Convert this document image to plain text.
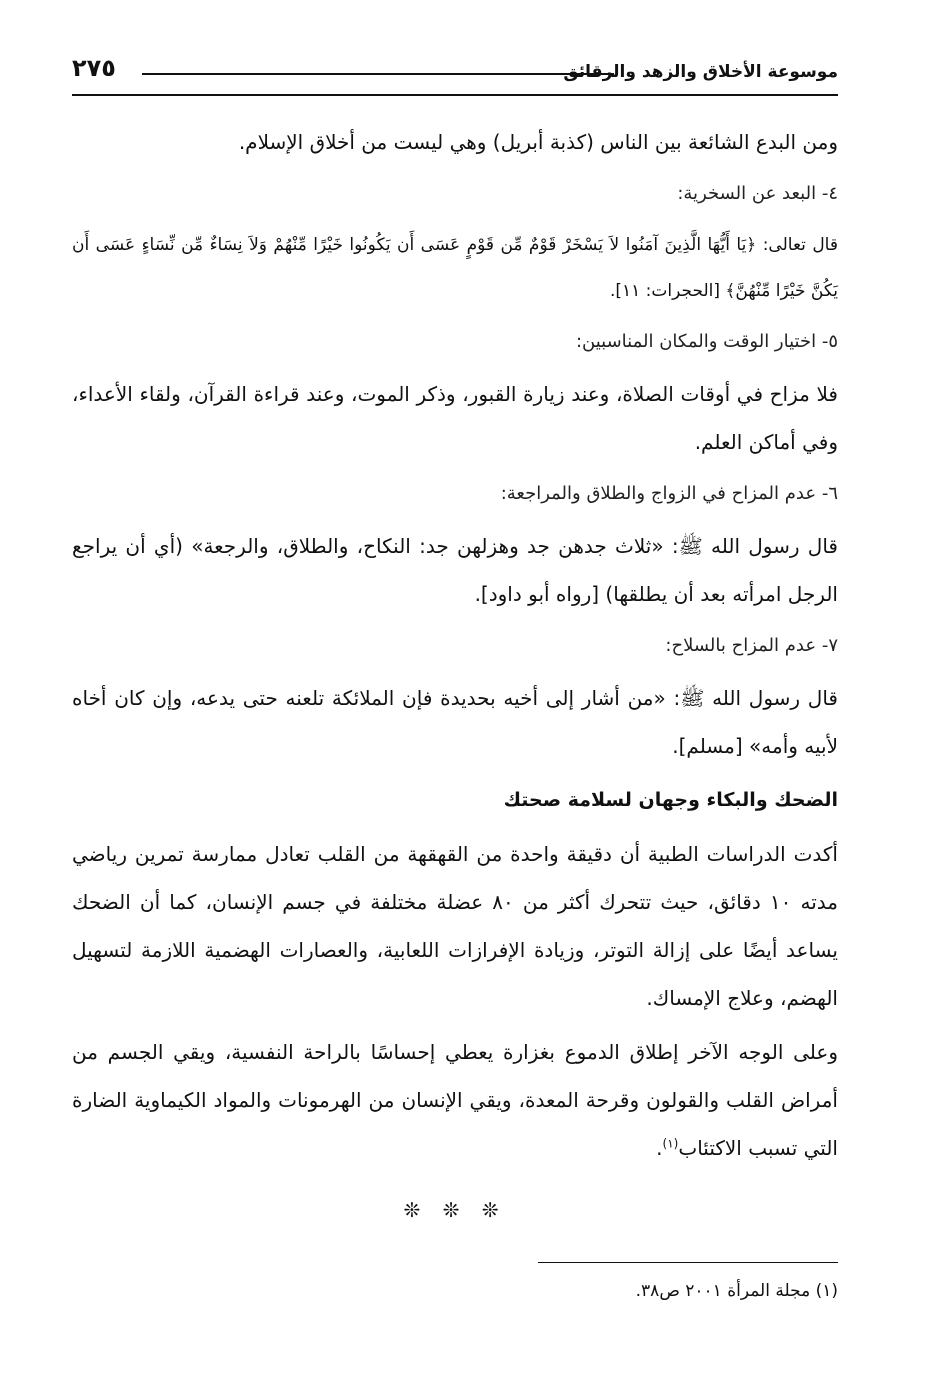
موسوعة الأخلاق والزهد والرقائق
٢٧٥

ومن البدع الشائعة بين الناس (كذبة أبريل) وهي ليست من أخلاق الإسلام.

٤- البعد عن السخرية:

قال تعالى: ﴿يَا أَيُّهَا الَّذِينَ آمَنُوا لاَ يَسْخَرْ قَوْمٌ مِّن قَوْمٍ عَسَى أَن يَكُونُوا خَيْرًا مِّنْهُمْ وَلاَ نِسَاءٌ مِّن نِّسَاءٍ عَسَى أَن يَكُنَّ خَيْرًا مِّنْهُنَّ﴾ [الحجرات: ١١].

٥- اختيار الوقت والمكان المناسبين:

فلا مزاح في أوقات الصلاة، وعند زيارة القبور، وذكر الموت، وعند قراءة القرآن، ولقاء الأعداء، وفي أماكن العلم.

٦- عدم المزاح في الزواج والطلاق والمراجعة:

قال رسول الله ﷺ: «ثلاث جدهن جد وهزلهن جد: النكاح، والطلاق، والرجعة» (أي أن يراجع الرجل امرأته بعد أن يطلقها) [رواه أبو داود].

٧- عدم المزاح بالسلاح:

قال رسول الله ﷺ: «من أشار إلى أخيه بحديدة فإن الملائكة تلعنه حتى يدعه، وإن كان أخاه لأبيه وأمه» [مسلم].

الضحك والبكاء وجهان لسلامة صحتك

أكدت الدراسات الطبية أن دقيقة واحدة من القهقهة من القلب تعادل ممارسة تمرين رياضي مدته ١٠ دقائق، حيث تتحرك أكثر من ٨٠ عضلة مختلفة في جسم الإنسان، كما أن الضحك يساعد أيضًا على إزالة التوتر، وزيادة الإفرازات اللعابية، والعصارات الهضمية اللازمة لتسهيل الهضم، وعلاج الإمساك.

وعلى الوجه الآخر إطلاق الدموع بغزارة يعطي إحساسًا بالراحة النفسية، ويقي الجسم من أمراض القلب والقولون وقرحة المعدة، ويقي الإنسان من الهرمونات والمواد الكيماوية الضارة التي تسبب الاكتئاب$^{(١)}$.

❊ ❊ ❊
(١) مجلة المرأة ٢٠٠١ ص٣٨.
